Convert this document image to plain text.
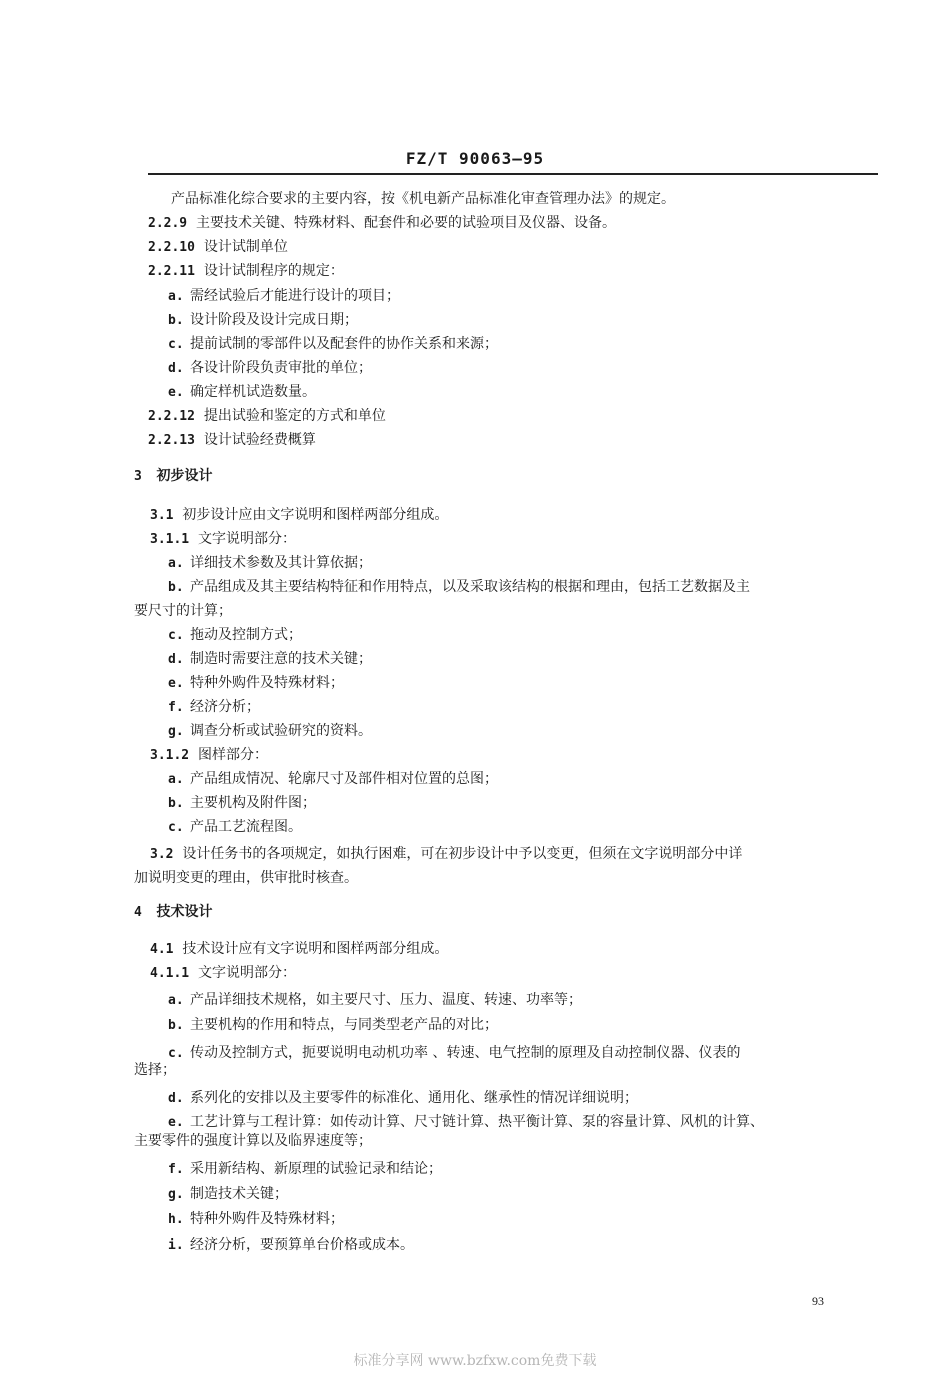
FZ/T 90063—95
产品标准化综合要求的主要内容，按《机电新产品标准化审查管理办法》的规定。
2.2.9 主要技术关键、特殊材料、配套件和必要的试验项目及仪器、设备。
2.2.10 设计试制单位
2.2.11 设计试制程序的规定：
a. 需经试验后才能进行设计的项目；
b. 设计阶段及设计完成日期；
c. 提前试制的零部件以及配套件的协作关系和来源；
d. 各设计阶段负责审批的单位；
e. 确定样机试造数量。
2.2.12 提出试验和鉴定的方式和单位
2.2.13 设计试验经费概算
3 初步设计
3.1 初步设计应由文字说明和图样两部分组成。
3.1.1 文字说明部分：
a. 详细技术参数及其计算依据；
b. 产品组成及其主要结构特征和作用特点，以及采取该结构的根据和理由，包括工艺数据及主
要尺寸的计算；
c. 拖动及控制方式；
d. 制造时需要注意的技术关键；
e. 特种外购件及特殊材料；
f. 经济分析；
g. 调查分析或试验研究的资料。
3.1.2 图样部分：
a. 产品组成情况、轮廓尺寸及部件相对位置的总图；
b. 主要机构及附件图；
c. 产品工艺流程图。
3.2 设计任务书的各项规定，如执行困难，可在初步设计中予以变更，但须在文字说明部分中详
加说明变更的理由，供审批时核查。
4 技术设计
4.1 技术设计应有文字说明和图样两部分组成。
4.1.1 文字说明部分：
a. 产品详细技术规格，如主要尺寸、压力、温度、转速、功率等；
b. 主要机构的作用和特点，与同类型老产品的对比；
c. 传动及控制方式，扼要说明电动机功率 、转速、电气控制的原理及自动控制仪器、仪表的
选择；
d. 系列化的安排以及主要零件的标准化、通用化、继承性的情况详细说明；
e. 工艺计算与工程计算：如传动计算、尺寸链计算、热平衡计算、泵的容量计算、风机的计算、
主要零件的强度计算以及临界速度等；
f. 采用新结构、新原理的试验记录和结论；
g. 制造技术关键；
h. 特种外购件及特殊材料；
i. 经济分析，要预算单台价格或成本。
93
标准分享网 www.bzfxw.com免费下载
